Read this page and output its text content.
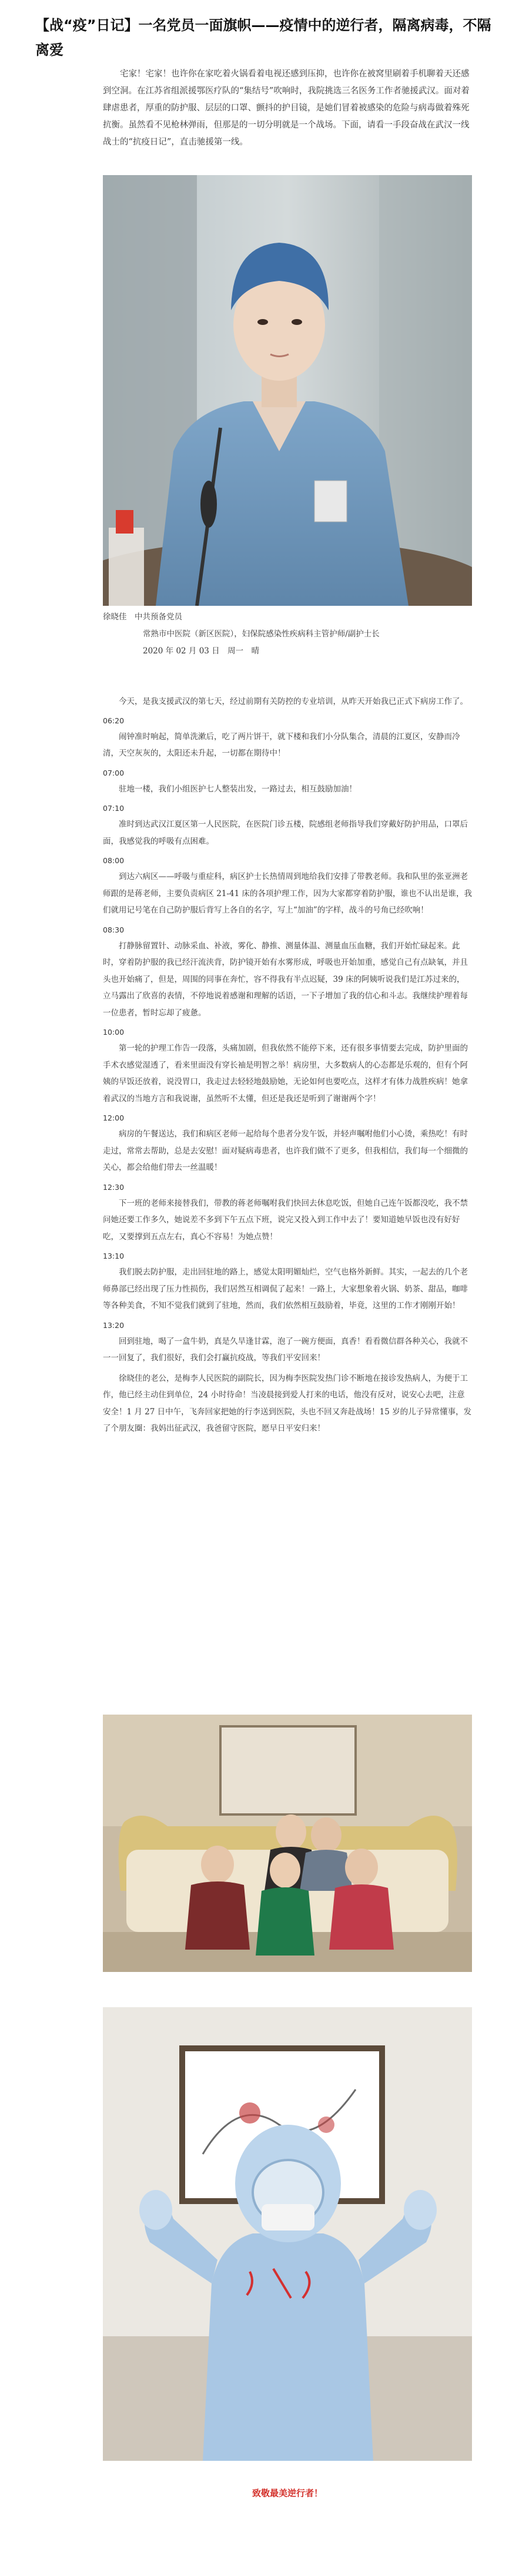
【战“疫”日记】一名党员一面旗帜——疫情中的逆行者，隔离病毒，不隔离爱

宅家！宅家！也许你在家吃着火锅看着电视还感到压抑，也许你在被窝里刷着手机聊着天还感到空洞。在江苏省组派援鄂医疗队的“集结号”吹响时，我院挑选三名医务工作者驰援武汉。面对着肆虐患者，厚重的防护服、层层的口罩、颤抖的护目镜，是她们冒着被感染的危险与病毒做着殊死抗衡。虽然看不见枪林弹雨，但那是的一切分明就是一个战场。下面，请看一手段奋战在武汉一线战士的“抗疫日记”，直击驰援第一线。

徐晓佳　中共预备党员
常熟市中医院（新区医院），妇保院感染性疾病科主管护师/副护士长
2020 年 02 月 03 日　周一　晴

今天，是我支援武汉的第七天，经过前期有关防控的专业培训，从昨天开始我已正式下病房工作了。

06:20

闹钟准时响起，简单洗漱后，吃了两片饼干，就下楼和我们小分队集合，清晨的江夏区，安静而冷清，天空灰灰的，太阳还未升起，一切都在期待中！

07:00

驻地一楼，我们小组医护七人整装出发，一路过去，相互鼓励加油！

07:10

准时到达武汉江夏区第一人民医院，在医院门诊五楼，院感组老师指导我们穿戴好防护用品，口罩后面，我感觉我的呼吸有点困难。

08:00

到达六病区——呼吸与重症科，病区护士长热情周到地给我们安排了带教老师。我和队里的张亚洲老师跟的是蒋老师，主要负责病区 21-41 床的各项护理工作，因为大家都穿着防护服，谁也不认出是谁，我们就用记号笔在自己防护服后背写上各自的名字，写上“加油”的字样，战斗的号角已经吹响！

08:30

打静脉留置针、动脉采血、补液，雾化、静推、测量体温、测量血压血糖，我们开始忙碌起来。此时，穿着防护服的我已经汗流浃背，防护镜开始有水雾形成，呼吸也开始加重，感觉自己有点缺氧，并且头也开始痛了，但是，周围的同事在奔忙，容不得我有半点迟疑，39 床的阿姨听说我们是江苏过来的，立马露出了欣喜的表情，不停地说着感谢和理解的话语，一下子增加了我的信心和斗志。我继续护理着每一位患者，暂时忘却了疲惫。

10:00

第一轮的护理工作告一段落，头痛加剧，但我依然不能停下来，还有很多事情要去完成，防护里面的手术衣感觉湿透了，看来里面没有穿长袖是明智之举！病房里，大多数病人的心态都是乐观的，但有个阿姨的早饭还放着，说没胃口，我走过去轻轻地鼓励她，无论如何也要吃点，这样才有体力战胜疾病！她拿着武汉的当地方言和我说谢，虽然听不太懂，但还是我还是听到了谢谢两个字！

12:00

病房的午餐送达，我们和病区老师一起给每个患者分发午饭，并轻声嘱咐他们小心烫，乘热吃！有时走过，常常去帮助，总是去安慰！面对疑病毒患者，也许我们做不了更多，但我相信，我们每一个细微的关心，都会给他们带去一丝温暖！

12:30

下一班的老师来接替我们，带教的蒋老师嘱咐我们快回去休息吃饭，但她自己连午饭都没吃，我不禁问她还要工作多久，她说差不多到下午五点下班，说完又投入到工作中去了！要知道她早饭也没有好好吃，又要撑到五点左右，真心不容易！为她点赞！

13:10

我们脱去防护服，走出回驻地的路上，感觉太阳明媚灿烂，空气也格外新鲜。其实，一起去的几个老师鼻部已经出现了压力性损伤，我们居然互相调侃了起来！一路上，大家想象着火锅、奶茶、甜品，咖啡等各种美食，不知不觉我们就到了驻地，然而，我们依然相互鼓励着，毕竟，这里的工作才刚刚开始！

13:20

回到驻地，喝了一盒牛奶，真是久旱逢甘霖，泡了一碗方便面，真香！看看微信群各种关心，我就不一一回复了，我们很好，我们会打赢抗疫战，等我们平安回来！

徐晓佳的老公，是梅李人民医院的副院长，因为梅李医院发热门诊不断地在接诊发热病人，为便于工作，他已经主动住到单位，24 小时待命！当凌晨接到爱人打来的电话，他没有反对，说安心去吧，注意安全！1 月 27 日中午，飞奔回家把她的行李送到医院，头也不回又奔赴战场！15 岁的儿子异常懂事，发了个朋友圈：我妈出征武汉，我爸留守医院，愿早日平安归来！

致敬最美逆行者！
